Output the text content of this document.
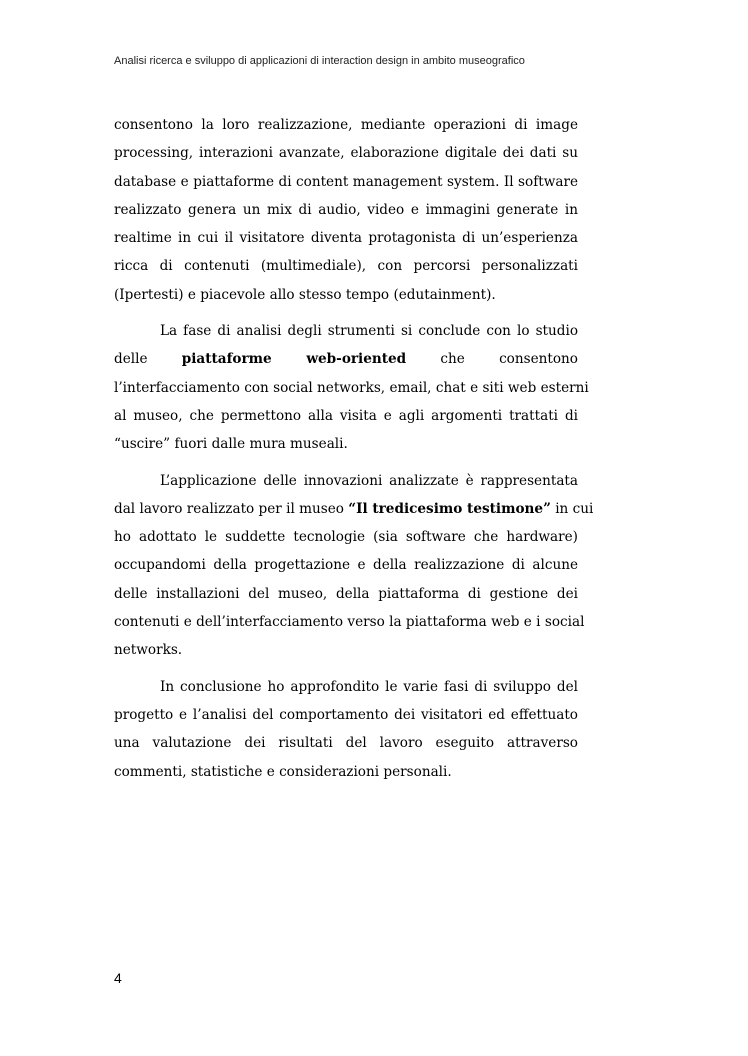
Analisi ricerca e sviluppo di applicazioni di interaction design in ambito museografico

consentono la loro realizzazione, mediante operazioni di image
processing, interazioni avanzate, elaborazione digitale dei dati su
database e piattaforme di content management system. Il software
realizzato genera un mix di audio, video e immagini generate in
realtime in cui il visitatore diventa protagonista di un’esperienza
ricca di contenuti (multimediale), con percorsi personalizzati
(Ipertesti) e piacevole allo stesso tempo (edutainment).

La fase di analisi degli strumenti si conclude con lo studio
delle	piattaforme web-oriented	che consentono
l’interfacciamento con social networks, email, chat e siti web esterni
al museo, che permettono alla visita e agli argomenti trattati di
“uscire” fuori dalle mura museali.

L’applicazione delle innovazioni analizzate è rappresentata
dal lavoro realizzato per il museo “Il tredicesimo testimone” in cui
ho adottato le suddette tecnologie (sia software che hardware)
occupandomi della progettazione e della realizzazione di alcune
delle installazioni del museo, della piattaforma di gestione dei
contenuti e dell’interfacciamento verso la piattaforma web e i social
networks.

In conclusione ho approfondito le varie fasi di sviluppo del
progetto e l’analisi del comportamento dei visitatori ed effettuato
una valutazione dei risultati del lavoro eseguito attraverso
commenti, statistiche e considerazioni personali.

4
